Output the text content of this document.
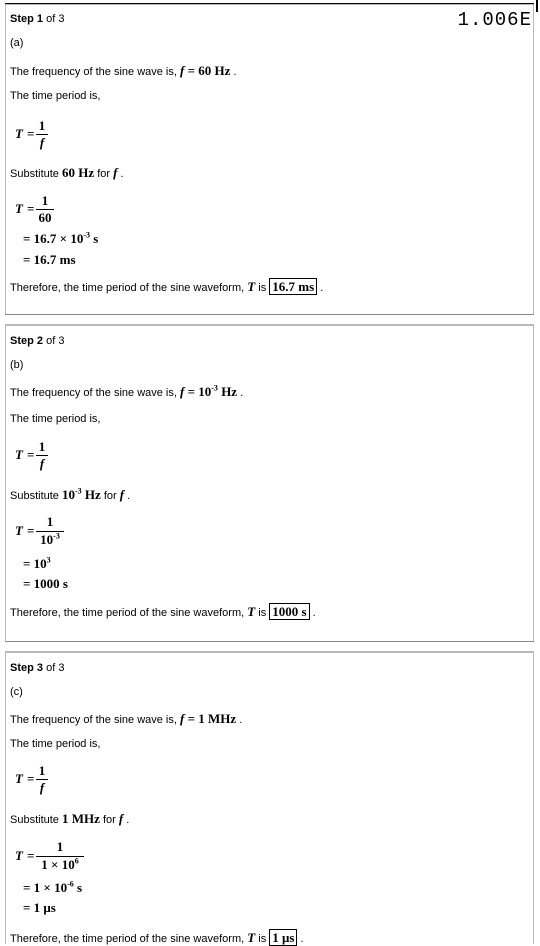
1.006E
Step 1 of 3
(a)
The frequency of the sine wave is, f = 60 Hz .
The time period is,
T =
1
f
Substitute 60 Hz for f .
T =
1
60
= $16.7 \times 10^{-3}$ s
= 16.7 ms
Therefore, the time period of the sine waveform, T is 16.7 ms .
Step 2 of 3
(b)
The frequency of the sine wave is, $f = 10^{-3}$ Hz .
The time period is,
T =
1
f
Substitute $10^{-3}$ Hz for f .
T =
1
$10^{-3}$
= $10^3$
= 1000 s
Therefore, the time period of the sine waveform, T is 1000 s .
Step 3 of 3
(c)
The frequency of the sine wave is, f = 1 MHz .
The time period is,
T =
1
f
Substitute 1 MHz for f .
T =
1
$1 \times 10^6$
= $1 \times 10^{-6}$ s
= 1 μs
Therefore, the time period of the sine waveform, T is 1 μs .
